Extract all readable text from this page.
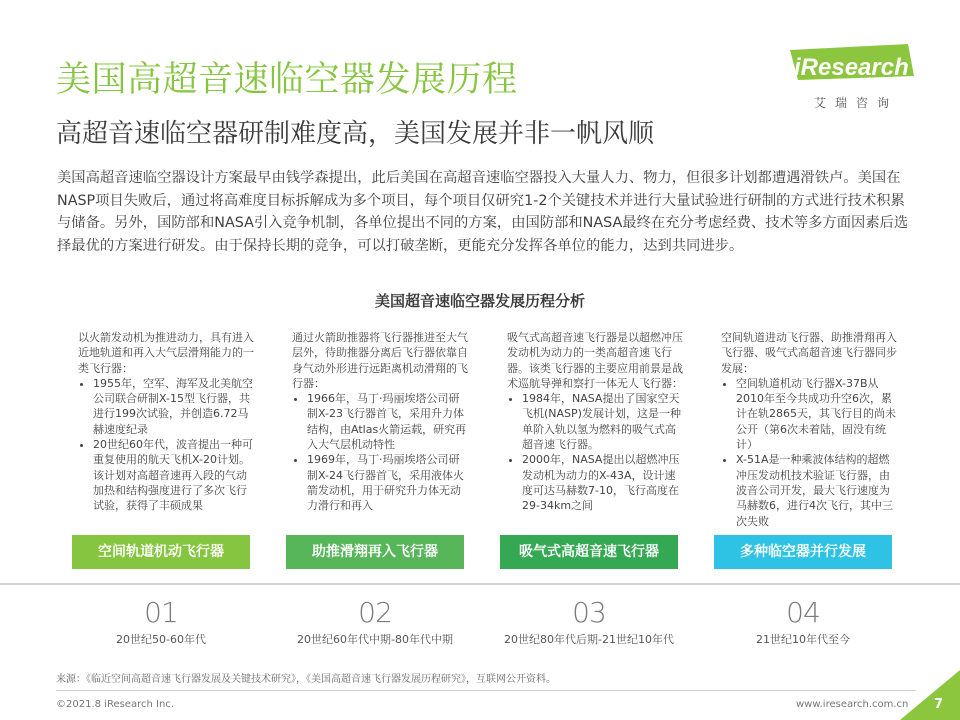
美国高超音速临空器发展历程
高超音速临空器研制难度高，美国发展并非一帆风顺
iResearch
艾瑞咨询

美国高超音速临空器设计方案最早由钱学森提出，此后美国在高超音速临空器投入大量人力、物力，但很多计划都遭遇滑铁卢。美国在NASP项目失败后，通过将高难度目标拆解成为多个项目，每个项目仅研究1-2个关键技术并进行大量试验进行研制的方式进行技术积累与储备。另外，国防部和NASA引入竞争机制，各单位提出不同的方案，由国防部和NASA最终在充分考虑经费、技术等多方面因素后选择最优的方案进行研发。由于保持长期的竞争，可以打破垄断，更能充分发挥各单位的能力，达到共同进步。

美国超音速临空器发展历程分析

以火箭发动机为推进动力，具有进入近地轨道和再入大气层滑翔能力的一类飞行器：

• 1955年，空军、海军及北美航空公司联合研制X-15型飞行器，共进行199次试验，并创造6.72马赫速度纪录
• 20世纪60年代，波音提出一种可重复使用的航天飞机X-20计划。该计划对高超音速再入段的气动加热和结构强度进行了多次飞行试验，获得了丰硕成果

通过火箭助推器将飞行器推进至大气层外，待助推器分离后飞行器依靠自身气动外形进行远距离机动滑翔的飞行器：

• 1966年，马丁·玛丽埃塔公司研制X-23飞行器首飞，采用升力体结构，由Atlas火箭运载，研究再入大气层机动特性
• 1969年，马丁·玛丽埃塔公司研制X-24飞行器首飞，采用液体火箭发动机，用于研究升力体无动力滑行和再入

吸气式高超音速飞行器是以超燃冲压发动机为动力的一类高超音速飞行器。该类飞行器的主要应用前景是战术巡航导弹和察打一体无人飞行器：

• 1984年，NASA提出了国家空天飞机(NASP)发展计划，这是一种单阶入轨以氢为燃料的吸气式高超音速飞行器。
• 2000年，NASA提出以超燃冲压发动机为动力的X-43A，设计速度可达马赫数7-10，飞行高度在29-34km之间

空间轨道进动飞行器、助推滑翔再入飞行器、吸气式高超音速飞行器同步发展：

• 空间轨道机动飞行器X-37B从2010年至今共成功升空6次，累计在轨2865天，其飞行目的尚未公开（第6次未着陆，固没有统计）
• X-51A是一种乘波体结构的超燃冲压发动机技术验证飞行器，由波音公司开发，最大飞行速度为马赫数6，进行4次飞行，其中三次失败
空间轨道机动飞行器	助推滑翔再入飞行器	吸气式高超音速飞行器	多种临空器并行发展
01	02	03	04
20世纪50-60年代	20世纪60年代中期-80年代中期	20世纪80年代后期-21世纪10年代	21世纪10年代至今
来源：《临近空间高超音速飞行器发展及关键技术研究》，《美国高超音速飞行器发展历程研究》，互联网公开资料。
©2021.8 iResearch Inc.	www.iresearch.com.cn 7
